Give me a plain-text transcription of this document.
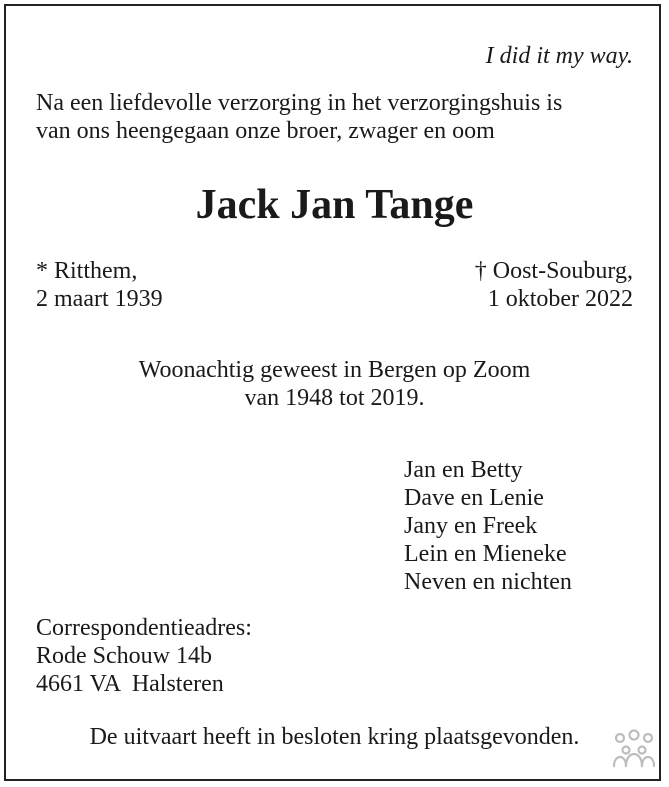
I did it my way.
Na een liefdevolle verzorging in het verzorgingshuis is
van ons heengegaan onze broer, zwager en oom
Jack Jan Tange
* Ritthem,
2 maart 1939
† Oost-Souburg,
1 oktober 2022
Woonachtig geweest in Bergen op Zoom
van 1948 tot 2019.
Jan en Betty
Dave en Lenie
Jany en Freek
Lein en Mieneke
Neven en nichten
Correspondentieadres:
Rode Schouw 14b
4661 VA  Halsteren
De uitvaart heeft in besloten kring plaatsgevonden.
